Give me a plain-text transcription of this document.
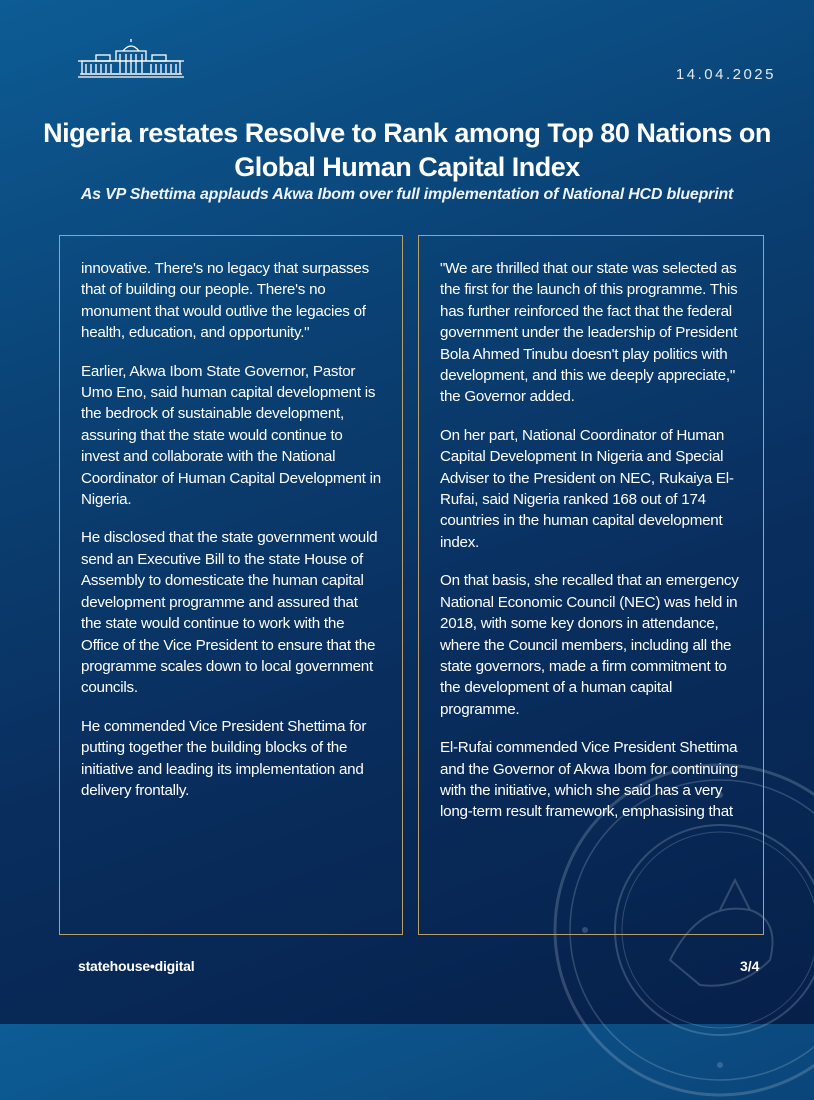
14.04.2025
Nigeria restates Resolve to Rank among Top 80 Nations on Global Human Capital Index

As VP Shettima applauds Akwa Ibom over full implementation of National HCD blueprint

innovative. There's no legacy that surpasses that of building our people. There's no monument that would outlive the legacies of health, education, and opportunity."

Earlier, Akwa Ibom State Governor, Pastor Umo Eno, said human capital development is the bedrock of sustainable development, assuring that the state would continue to invest and collaborate with the National Coordinator of Human Capital Development in Nigeria.

He disclosed that the state government would send an Executive Bill to the state House of Assembly to domesticate the human capital development programme and assured that the state would continue to work with the Office of the Vice President to ensure that the programme scales down to local government councils.

He commended Vice President Shettima for putting together the building blocks of the initiative and leading its implementation and delivery frontally.

"We are thrilled that our state was selected as the first for the launch of this programme. This has further reinforced the fact that the federal government under the leadership of President Bola Ahmed Tinubu doesn't play politics with development, and this we deeply appreciate," the Governor added.

On her part, National Coordinator of Human Capital Development In Nigeria and Special Adviser to the President on NEC, Rukaiya El-Rufai, said Nigeria ranked 168 out of 174 countries in the human capital development index.

On that basis, she recalled that an emergency National Economic Council (NEC) was held in 2018, with some key donors in attendance, where the Council members, including all the state governors, made a firm commitment to the development of a human capital programme.

El-Rufai commended Vice President Shettima and the Governor of Akwa Ibom for continuing with the initiative, which she said has a very long-term result framework, emphasising that

statehouse•digital	3/4
